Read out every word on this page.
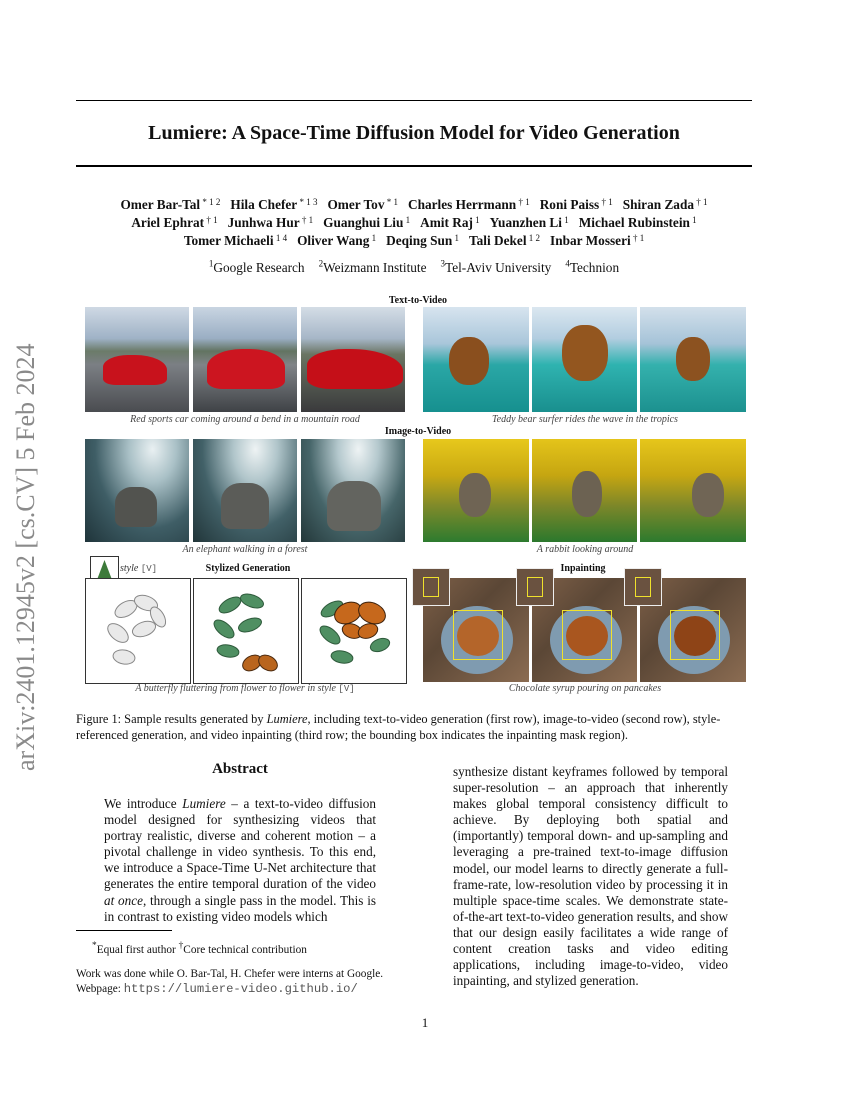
Lumiere: A Space-Time Diffusion Model for Video Generation
Omer Bar-Tal $^{* 1 2}$ Hila Chefer $^{* 1 3}$ Omer Tov $^{* 1}$ Charles Herrmann $^{\dagger 1}$ Roni Paiss $^{\dagger 1}$ Shiran Zada $^{\dagger 1}$
Ariel Ephrat $^{\dagger 1}$ Junhwa Hur $^{\dagger 1}$ Guanghui Liu $^1$ Amit Raj $^1$ Yuanzhen Li $^1$ Michael Rubinstein $^1$
Tomer Michaeli $^{1 4}$ Oliver Wang $^1$ Deqing Sun $^1$ Tali Dekel $^{1 2}$ Inbar Mosseri $^{\dagger 1}$
$^1$Google Research $^2$Weizmann Institute $^3$Tel-Aviv University $^4$Technion
arXiv:2401.12945v2 [cs.CV] 5 Feb 2024
Text-to-Video
Red sports car coming around a bend in a mountain road	Teddy bear surfer rides the wave in the tropics
Image-to-Video
An elephant walking in a forest	A rabbit looking around
style [V]	Stylized Generation	Inpainting
A butterfly fluttering from flower to flower in style [V]	Chocolate syrup pouring on pancakes
Figure 1: Sample results generated by Lumiere, including text-to-video generation (first row), image-to-video (second row), style-referenced generation, and video inpainting (third row; the bounding box indicates the inpainting mask region).
Abstract
We introduce Lumiere – a text-to-video diffusion model designed for synthesizing videos that portray realistic, diverse and coherent motion – a pivotal challenge in video synthesis. To this end, we introduce a Space-Time U-Net architecture that generates the entire temporal duration of the video at once, through a single pass in the model. This is in contrast to existing video models which
synthesize distant keyframes followed by temporal super-resolution – an approach that inherently makes global temporal consistency difficult to achieve. By deploying both spatial and (importantly) temporal down- and up-sampling and leveraging a pre-trained text-to-image diffusion model, our model learns to directly generate a full-frame-rate, low-resolution video by processing it in multiple space-time scales. We demonstrate state-of-the-art text-to-video generation results, and show that our design easily facilitates a wide range of content creation tasks and video editing applications, including image-to-video, video inpainting, and stylized generation.
*Equal first author †Core technical contribution
Work was done while O. Bar-Tal, H. Chefer were interns at Google.
Webpage: https://lumiere-video.github.io/
1
